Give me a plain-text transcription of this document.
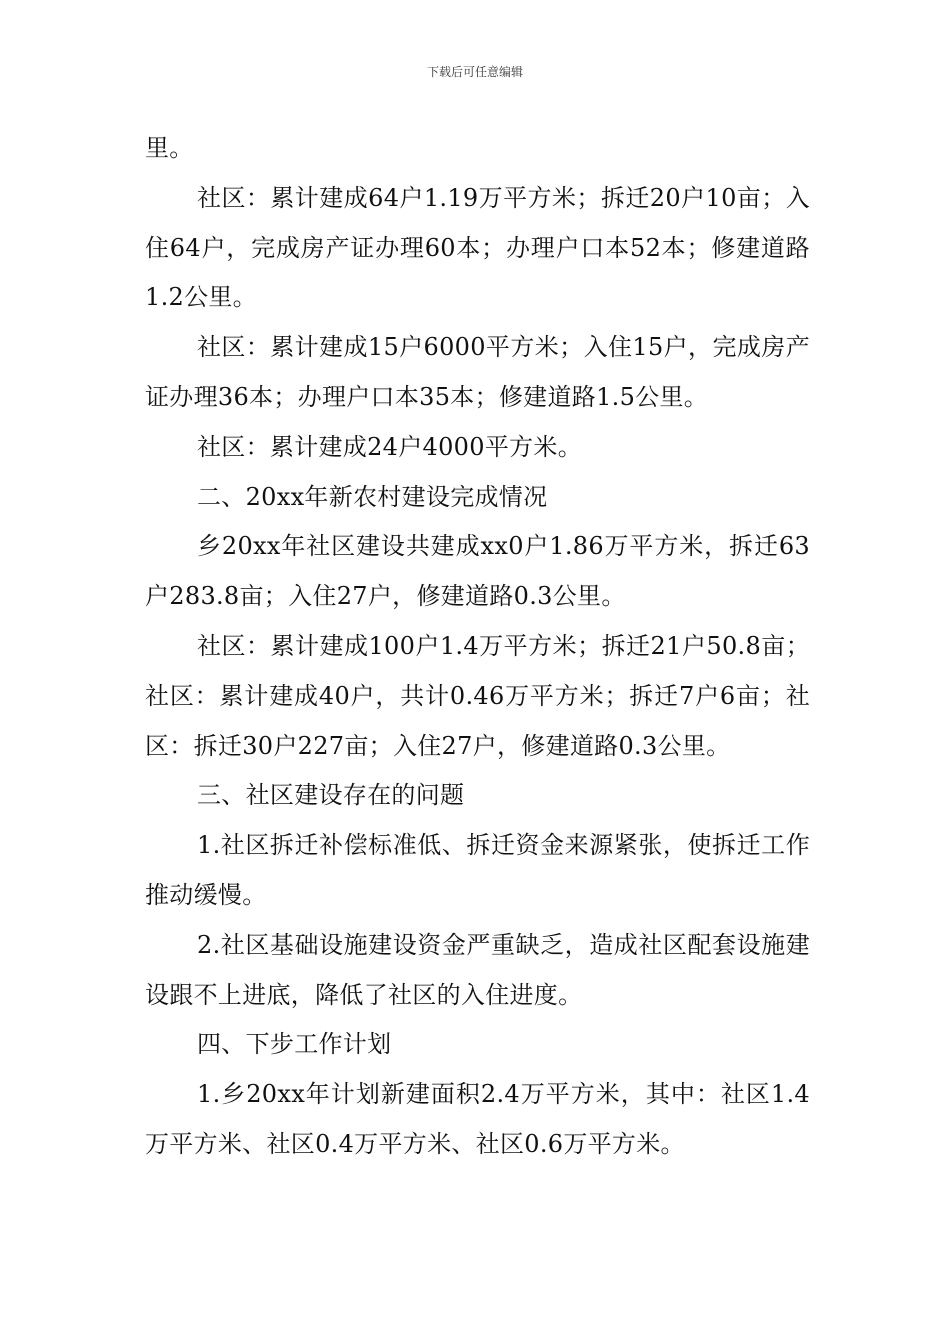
下载后可任意编辑

里。

社区：累计建成64户1.19万平方米；拆迁20户10亩；入住64户，完成房产证办理60本；办理户口本52本；修建道路1.2公里。

社区：累计建成15户6000平方米；入住15户，完成房产证办理36本；办理户口本35本；修建道路1.5公里。

社区：累计建成24户4000平方米。

二、20xx年新农村建设完成情况

乡20xx年社区建设共建成xx0户1.86万平方米，拆迁63户283.8亩；入住27户，修建道路0.3公里。

社区：累计建成100户1.4万平方米；拆迁21户50.8亩；社区：累计建成40户，共计0.46万平方米；拆迁7户6亩；社区：拆迁30户227亩；入住27户，修建道路0.3公里。

三、社区建设存在的问题

1.社区拆迁补偿标准低、拆迁资金来源紧张，使拆迁工作推动缓慢。

2.社区基础设施建设资金严重缺乏，造成社区配套设施建设跟不上进底，降低了社区的入住进度。

四、下步工作计划

1.乡20xx年计划新建面积2.4万平方米，其中：社区1.4万平方米、社区0.4万平方米、社区0.6万平方米。
